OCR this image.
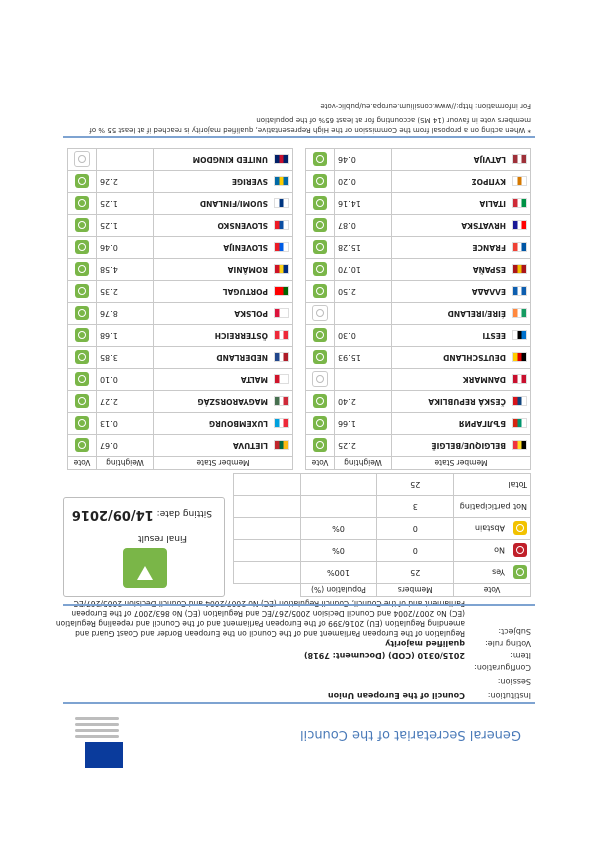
General Secretariat of the Council
Institution:
Council of the European Union
Session:
Configuration:
Item:
2015/0310 (COD) (Document: 7918)
Voting rule:
qualified majority
Subject:
Regulation of the European Parliament and of the Council on the European Border and Coast Guard and amending Regulation (EU) 2016/399 of the European Parliament and of the Council and repealing Regulation (EC) No 2007/2004 and Council Decision 2005/267/EC and Regulation (EC) No 863/2007 of the European
Vote	Members	Population (%)	
Yes	25	100%	
No	0	0%	
Abstain	0	0%	
Not participating	3		
Total	25		
Final result
Sitting date: 14/09/2016
Member State	Weighting	Vote
BELGIQUE/BELGIË	2.25	
БЪЛГАРИЯ	1.66	
ČESKÁ REPUBLIKA	2.40	
DANMARK		
DEUTSCHLAND	15.93	
EESTI	0.30	
ÉIRE/IRELAND		
ΕΛΛΑΔΑ	2.50	
ESPAÑA	10.70	
FRANCE	15.28	
HRVATSKA	0.87	
ITALIA	14.16	
ΚΥΠΡΟΣ	0.20	
LATVIJA	0.46	
Member State	Weighting	Vote
LIETUVA	0.67	
LUXEMBOURG	0.13	
MAGYARORSZÁG	2.27	
MALTA	0.10	
NEDERLAND	3.85	
ÖSTERREICH	1.68	
POLSKA	8.76	
PORTUGAL	2.35	
ROMÂNIA	4.58	
SLOVENIJA	0.46	
SLOVENSKO	1.25	
SUOMI/FINLAND	1.25	
SVERIGE	2.26	
UNITED KINGDOM		
* When acting on a proposal from the Commission or the High Representative, qualified majority is reached if at least 55 % of
members vote in favour (14 MS) accounting for at least 65% of the population
For information: http://www.consilium.europa.eu/public-vote
